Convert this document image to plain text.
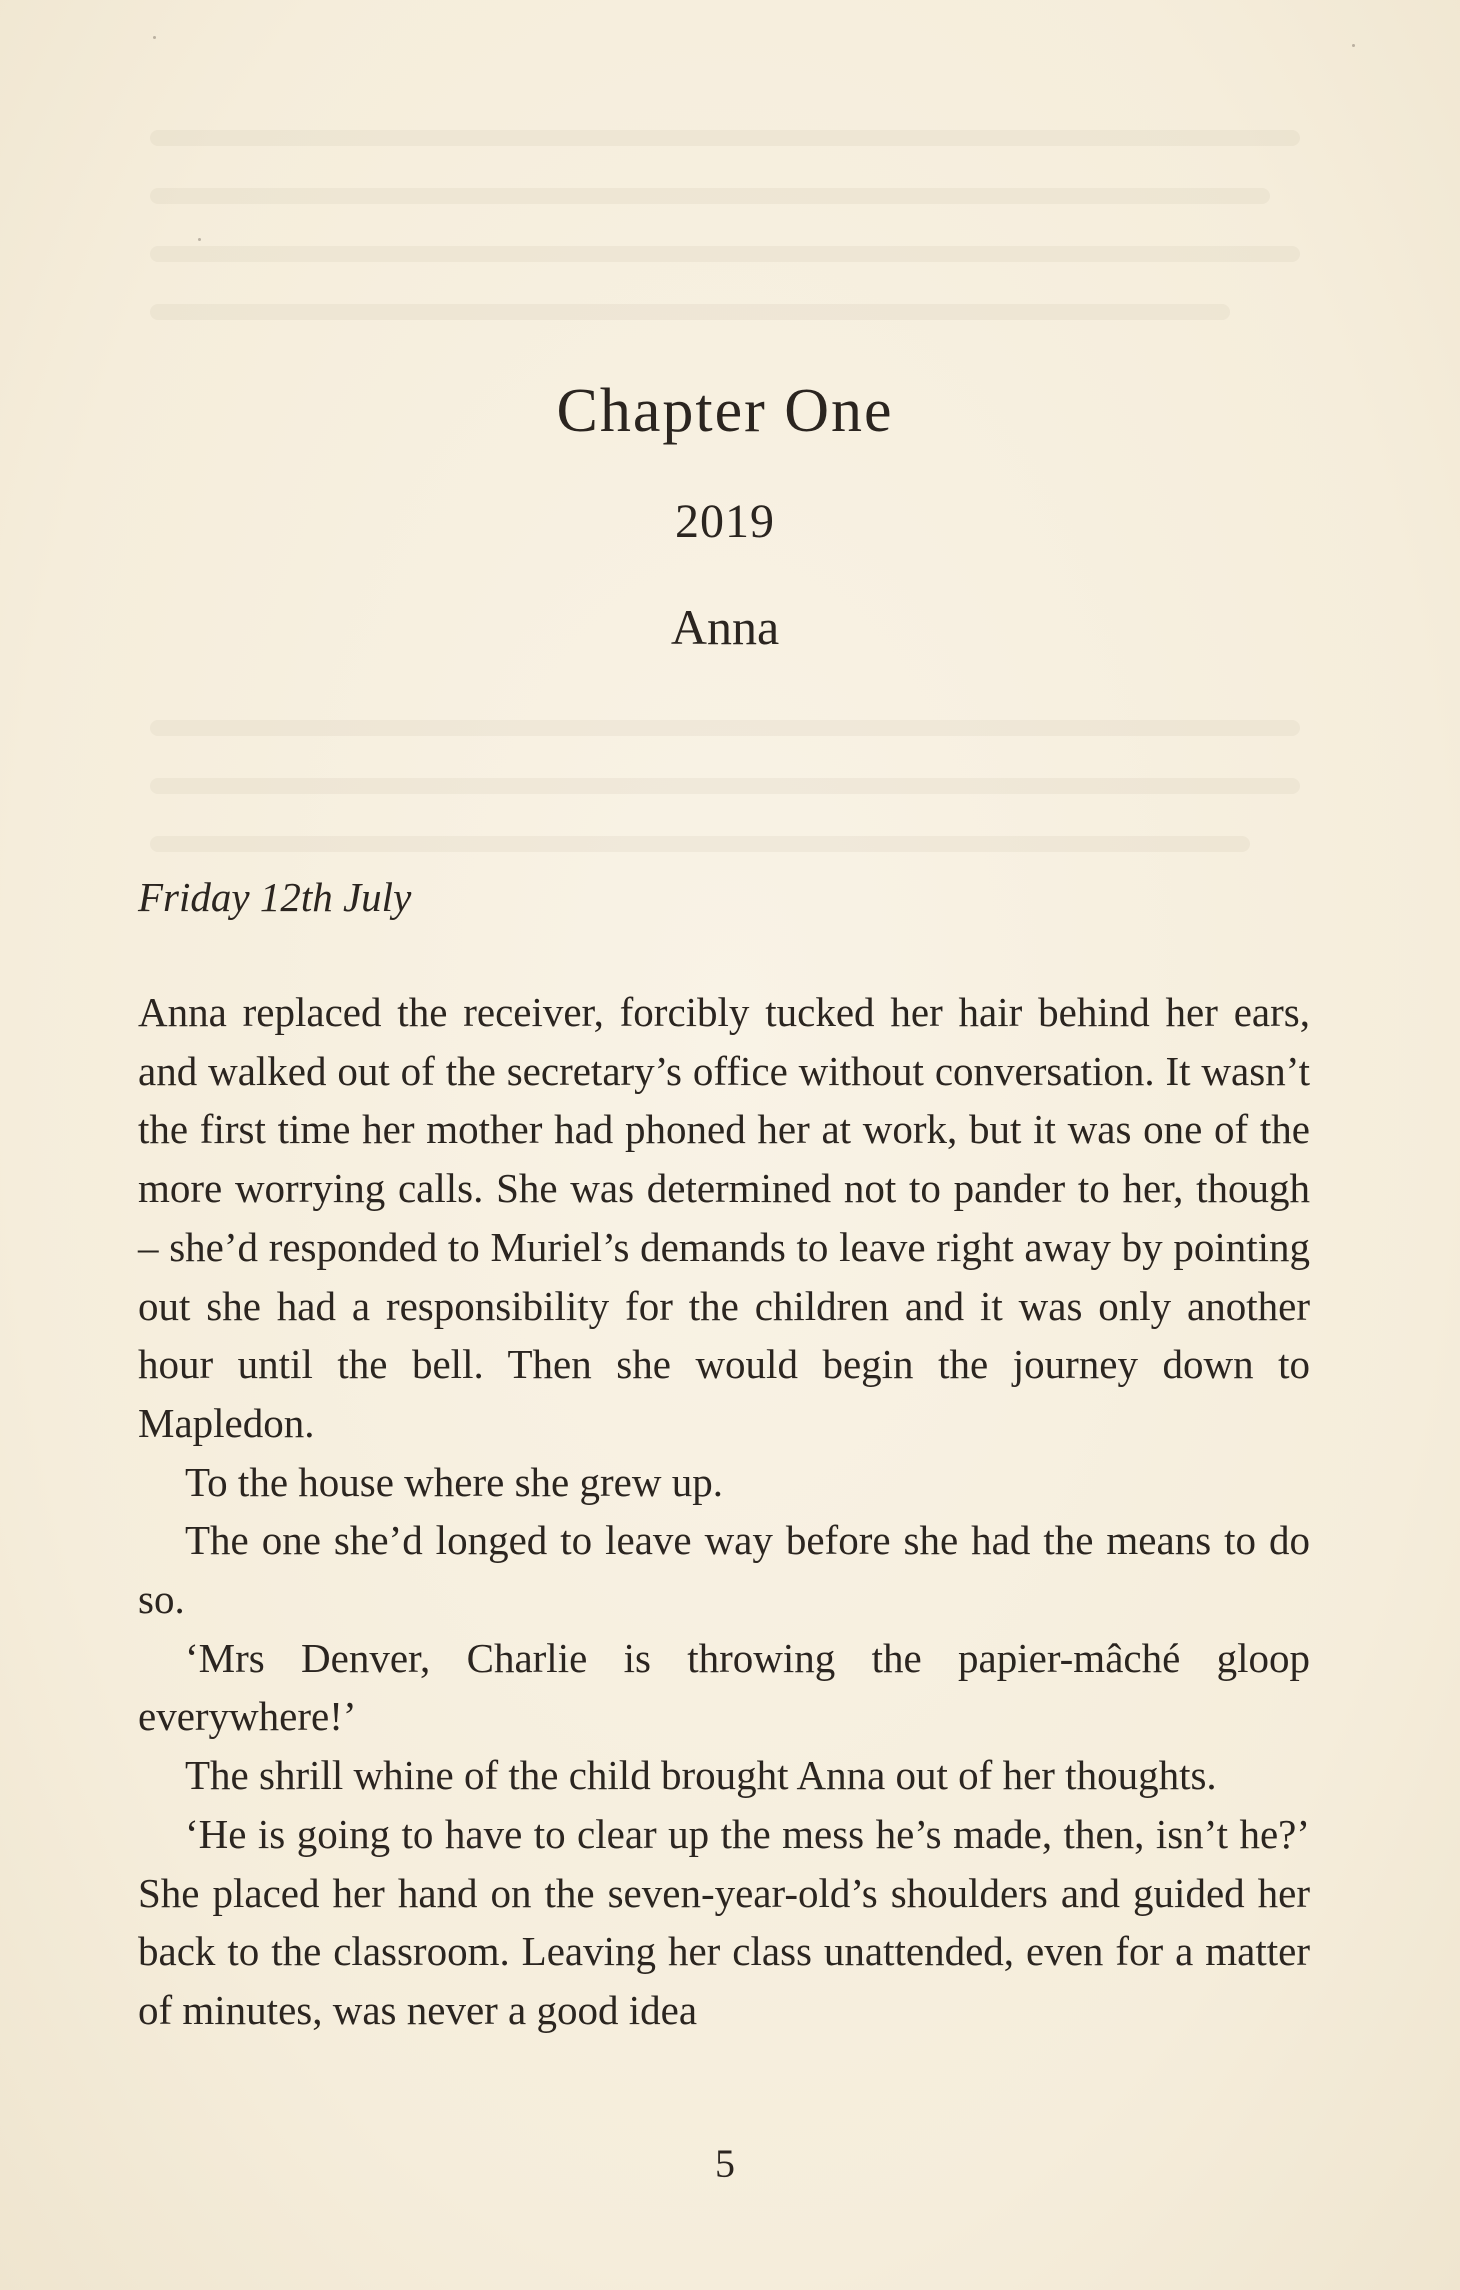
Chapter One
2019
Anna
Friday 12th July

Anna replaced the receiver, forcibly tucked her hair behind her ears, and walked out of the secretary’s office without conversation. It wasn’t the first time her mother had phoned her at work, but it was one of the more worrying calls. She was determined not to pander to her, though – she’d responded to Muriel’s demands to leave right away by pointing out she had a responsibility for the children and it was only another hour until the bell. Then she would begin the journey down to Mapledon.

To the house where she grew up.

The one she’d longed to leave way before she had the means to do so.

‘Mrs Denver, Charlie is throwing the papier-mâché gloop everywhere!’

The shrill whine of the child brought Anna out of her thoughts.

‘He is going to have to clear up the mess he’s made, then, isn’t he?’ She placed her hand on the seven-year-old’s shoulders and guided her back to the classroom. Leaving her class unattended, even for a matter of minutes, was never a good idea

5
